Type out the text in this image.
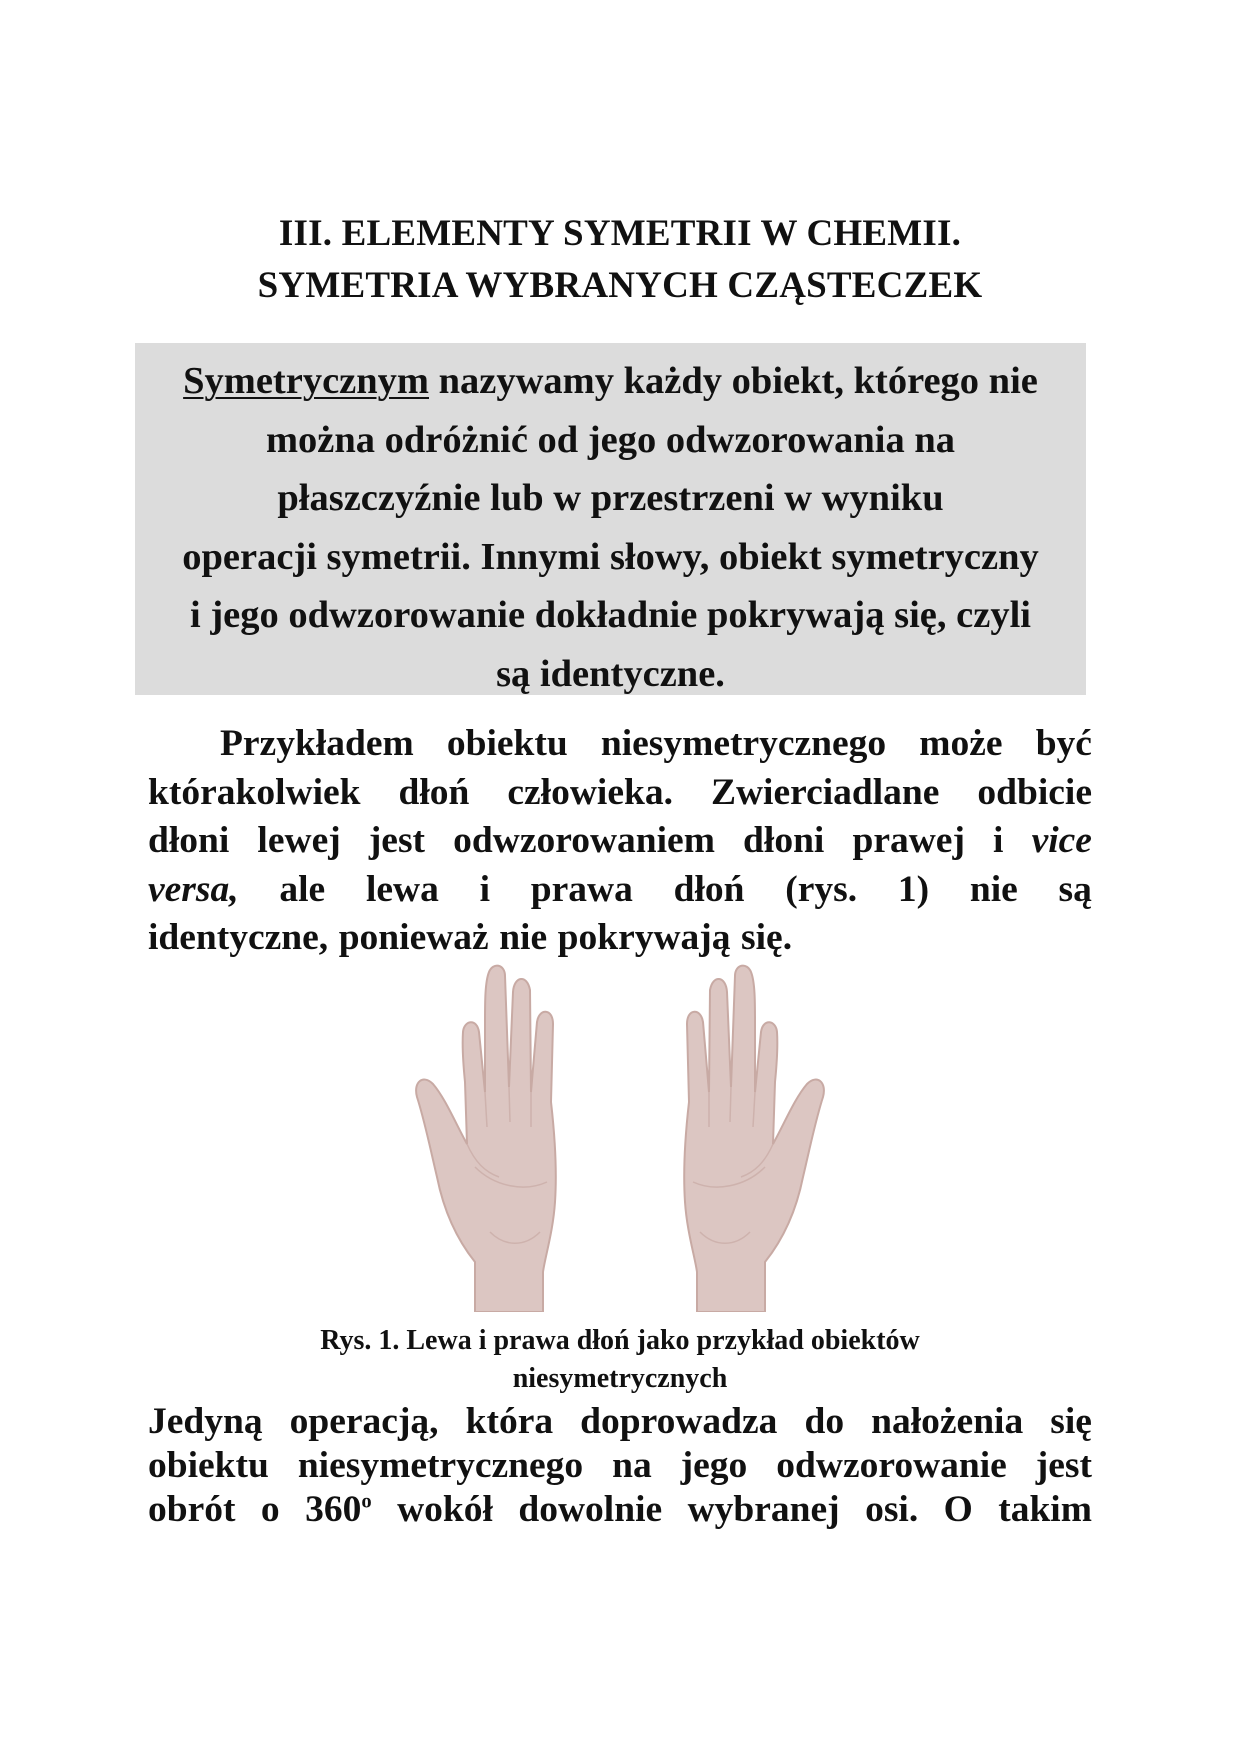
III. ELEMENTY SYMETRII W CHEMII.
SYMETRIA WYBRANYCH CZĄSTECZEK
Symetrycznym nazywamy każdy obiekt, którego nie
można odróżnić od jego odwzorowania na
płaszczyźnie lub w przestrzeni w wyniku
operacji symetrii. Innymi słowy, obiekt symetryczny
i jego odwzorowanie dokładnie pokrywają się, czyli
są identyczne.
Przykładem obiektu niesymetrycznego może być
którakolwiek dłoń człowieka. Zwierciadlane odbicie
dłoni lewej jest odwzorowaniem dłoni prawej i vice
versa, ale lewa i prawa dłoń (rys. 1) nie są
identyczne, ponieważ nie pokrywają się.
Rys. 1. Lewa i prawa dłoń jako przykład obiektów
niesymetrycznych
Jedyną operacją, która doprowadza do nałożenia się
obiektu niesymetrycznego na jego odwzorowanie jest
obrót o 360$^o$ wokół dowolnie wybranej osi. O takim
